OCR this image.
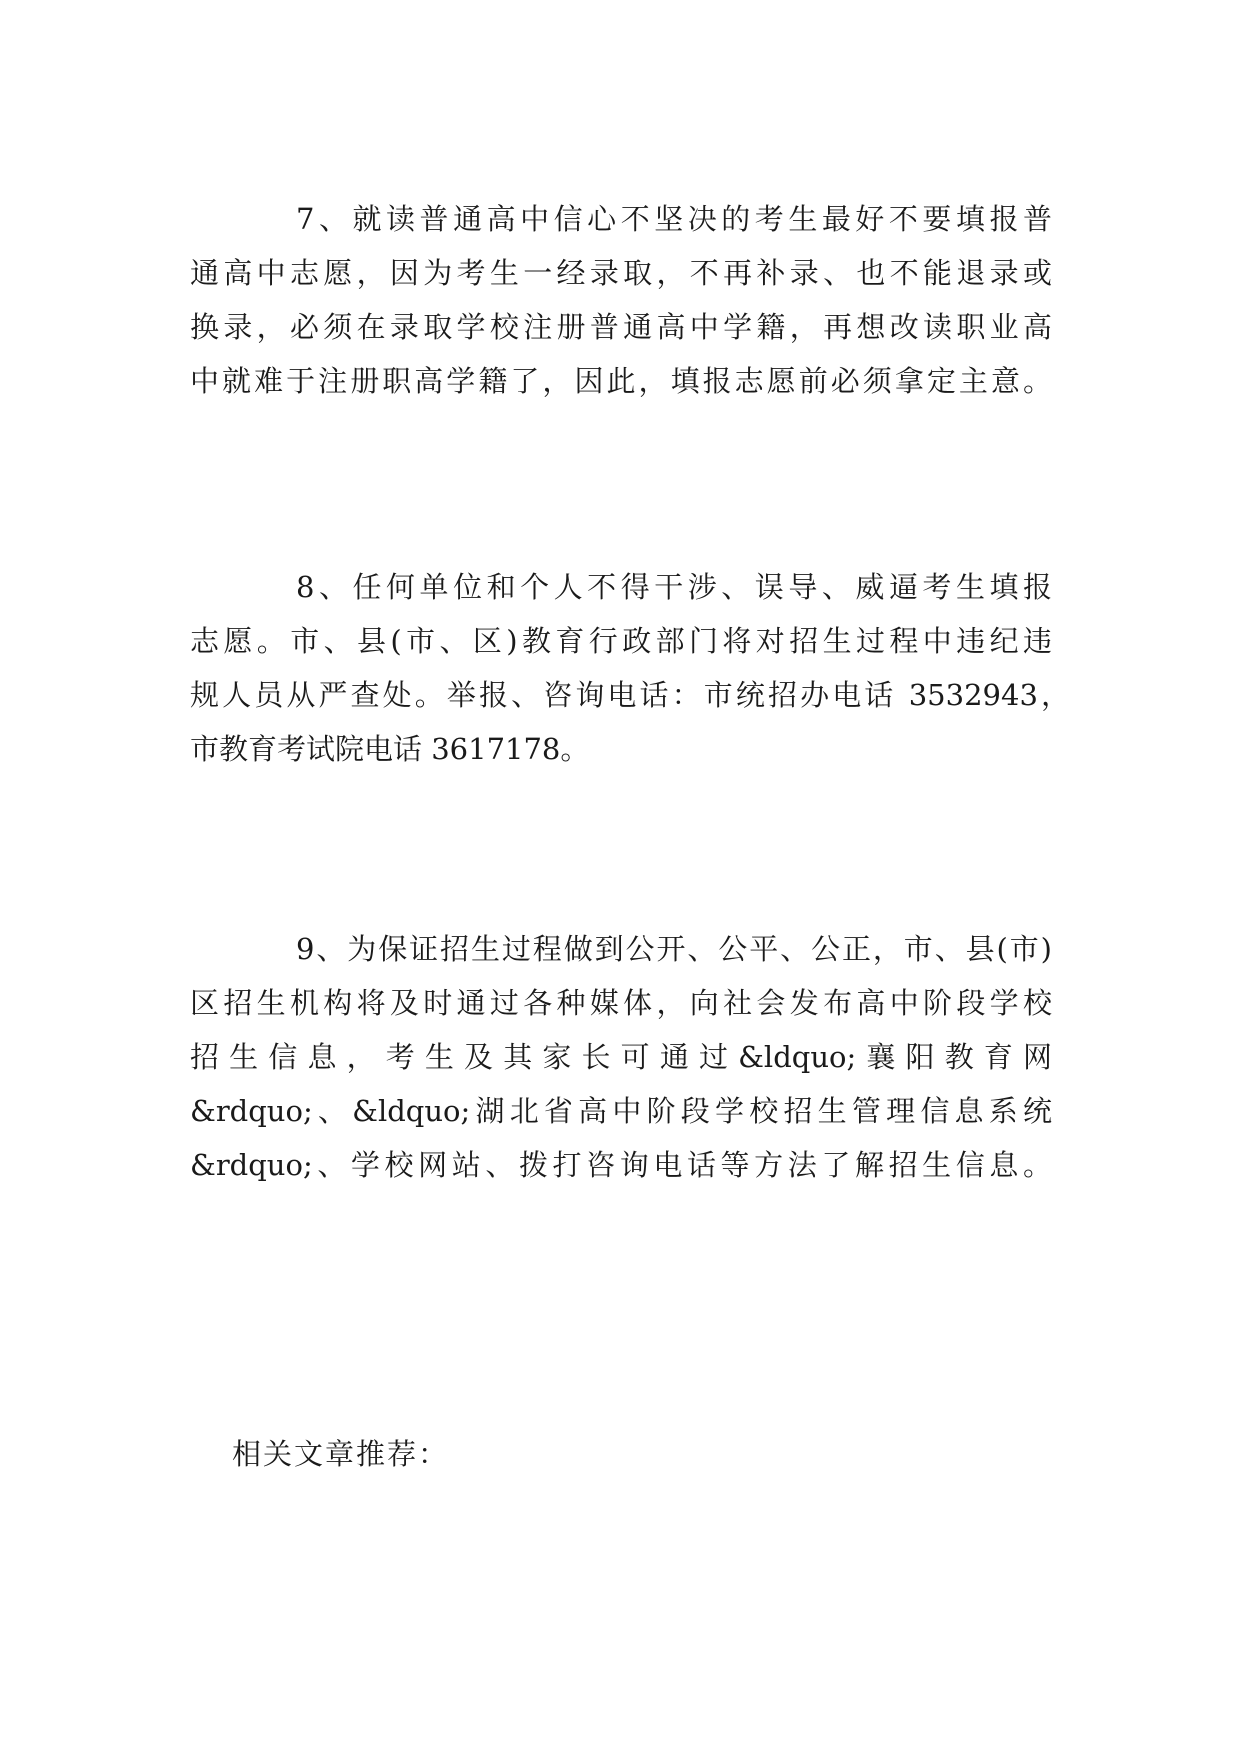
7、就读普通高中信心不坚决的考生最好不要填报普
通高中志愿，因为考生一经录取，不再补录、也不能退录或
换录，必须在录取学校注册普通高中学籍，再想改读职业高
中就难于注册职高学籍了，因此，填报志愿前必须拿定主意。
8、任何单位和个人不得干涉、误导、威逼考生填报
志愿。市、县(市、区)教育行政部门将对招生过程中违纪违
规人员从严查处。举报、咨询电话：市统招办电话 3532943，
市教育考试院电话 3617178。
9、为保证招生过程做到公开、公平、公正，市、县(市)
区招生机构将及时通过各种媒体，向社会发布高中阶段学校
招生信息，考生及其家长可通过&ldquo;襄阳教育网
&rdquo;、&ldquo;湖北省高中阶段学校招生管理信息系统
&rdquo;、学校网站、拨打咨询电话等方法了解招生信息。
相关文章推荐：
